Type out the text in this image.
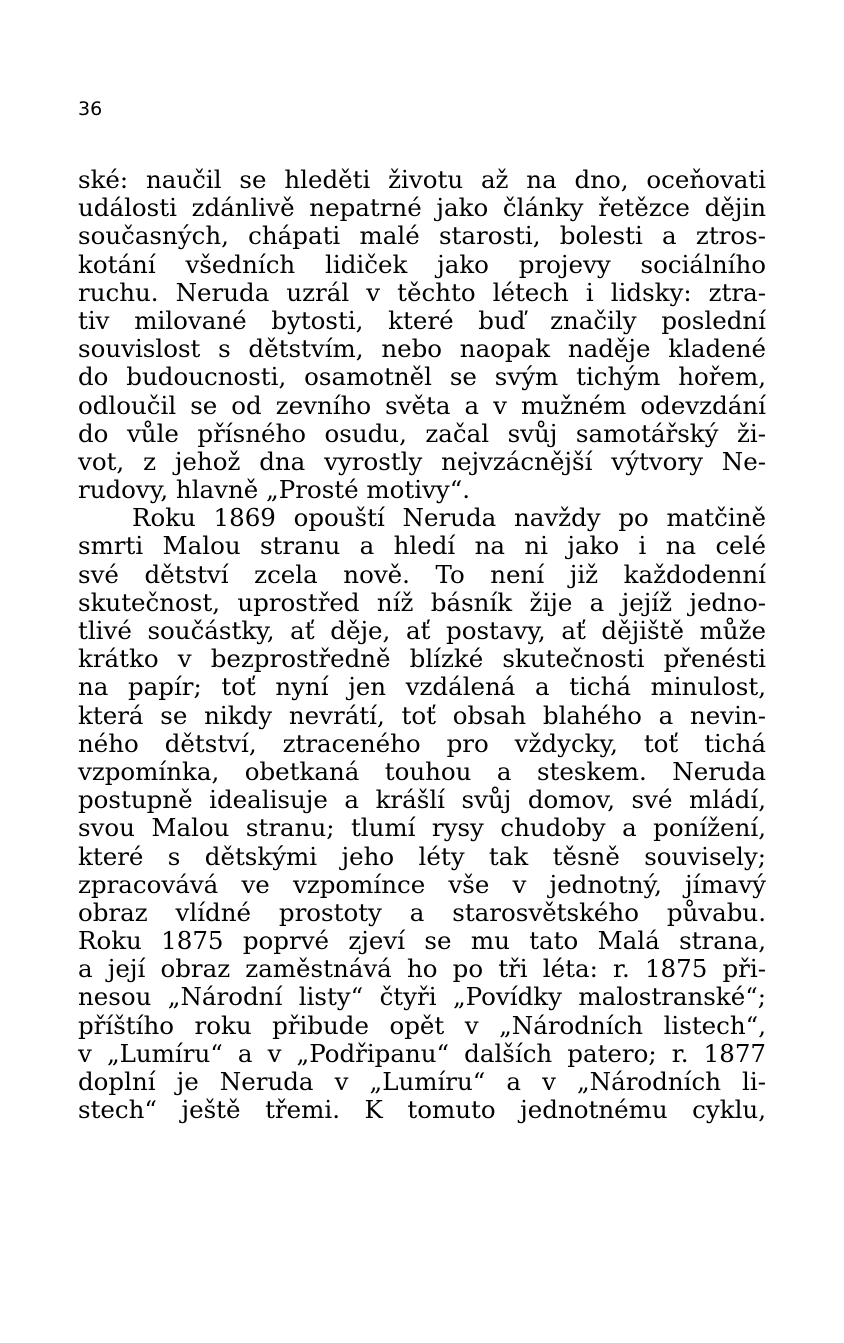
36
ské: naučil se hleděti životu až na dno, oceňovati
události zdánlivě nepatrné jako články řetězce dějin
současných, chápati malé starosti, bolesti a ztros-
kotání všedních lidiček jako projevy sociálního
ruchu. Neruda uzrál v těchto létech i lidsky: ztra-
tiv milované bytosti, které buď značily poslední
souvislost s dětstvím, nebo naopak naděje kladené
do budoucnosti, osamotněl se svým tichým hořem,
odloučil se od zevního světa a v mužném odevzdání
do vůle přísného osudu, začal svůj samotářský ži-
vot, z jehož dna vyrostly nejvzácnější výtvory Ne-
rudovy, hlavně „Prosté motivy“.
Roku 1869 opouští Neruda navždy po matčině
smrti Malou stranu a hledí na ni jako i na celé
své dětství zcela nově. To není již každodenní
skutečnost, uprostřed níž básník žije a jejíž jedno-
tlivé součástky, ať děje, ať postavy, ať dějiště může
krátko v bezprostředně blízké skutečnosti přenésti
na papír; toť nyní jen vzdálená a tichá minulost,
která se nikdy nevrátí, toť obsah blahého a nevin-
ného dětství, ztraceného pro vždycky, toť tichá
vzpomínka, obetkaná touhou a steskem. Neruda
postupně idealisuje a krášlí svůj domov, své mládí,
svou Malou stranu; tlumí rysy chudoby a ponížení,
které s dětskými jeho léty tak těsně souvisely;
zpracovává ve vzpomínce vše v jednotný, jímavý
obraz vlídné prostoty a starosvětského půvabu.
Roku 1875 poprvé zjeví se mu tato Malá strana,
a její obraz zaměstnává ho po tři léta: r. 1875 při-
nesou „Národní listy“ čtyři „Povídky malostranské“;
příštího roku přibude opět v „Národních listech“,
v „Lumíru“ a v „Podřipanu“ dalších patero; r. 1877
doplní je Neruda v „Lumíru“ a v „Národních li-
stech“ ještě třemi. K tomuto jednotnému cyklu,
